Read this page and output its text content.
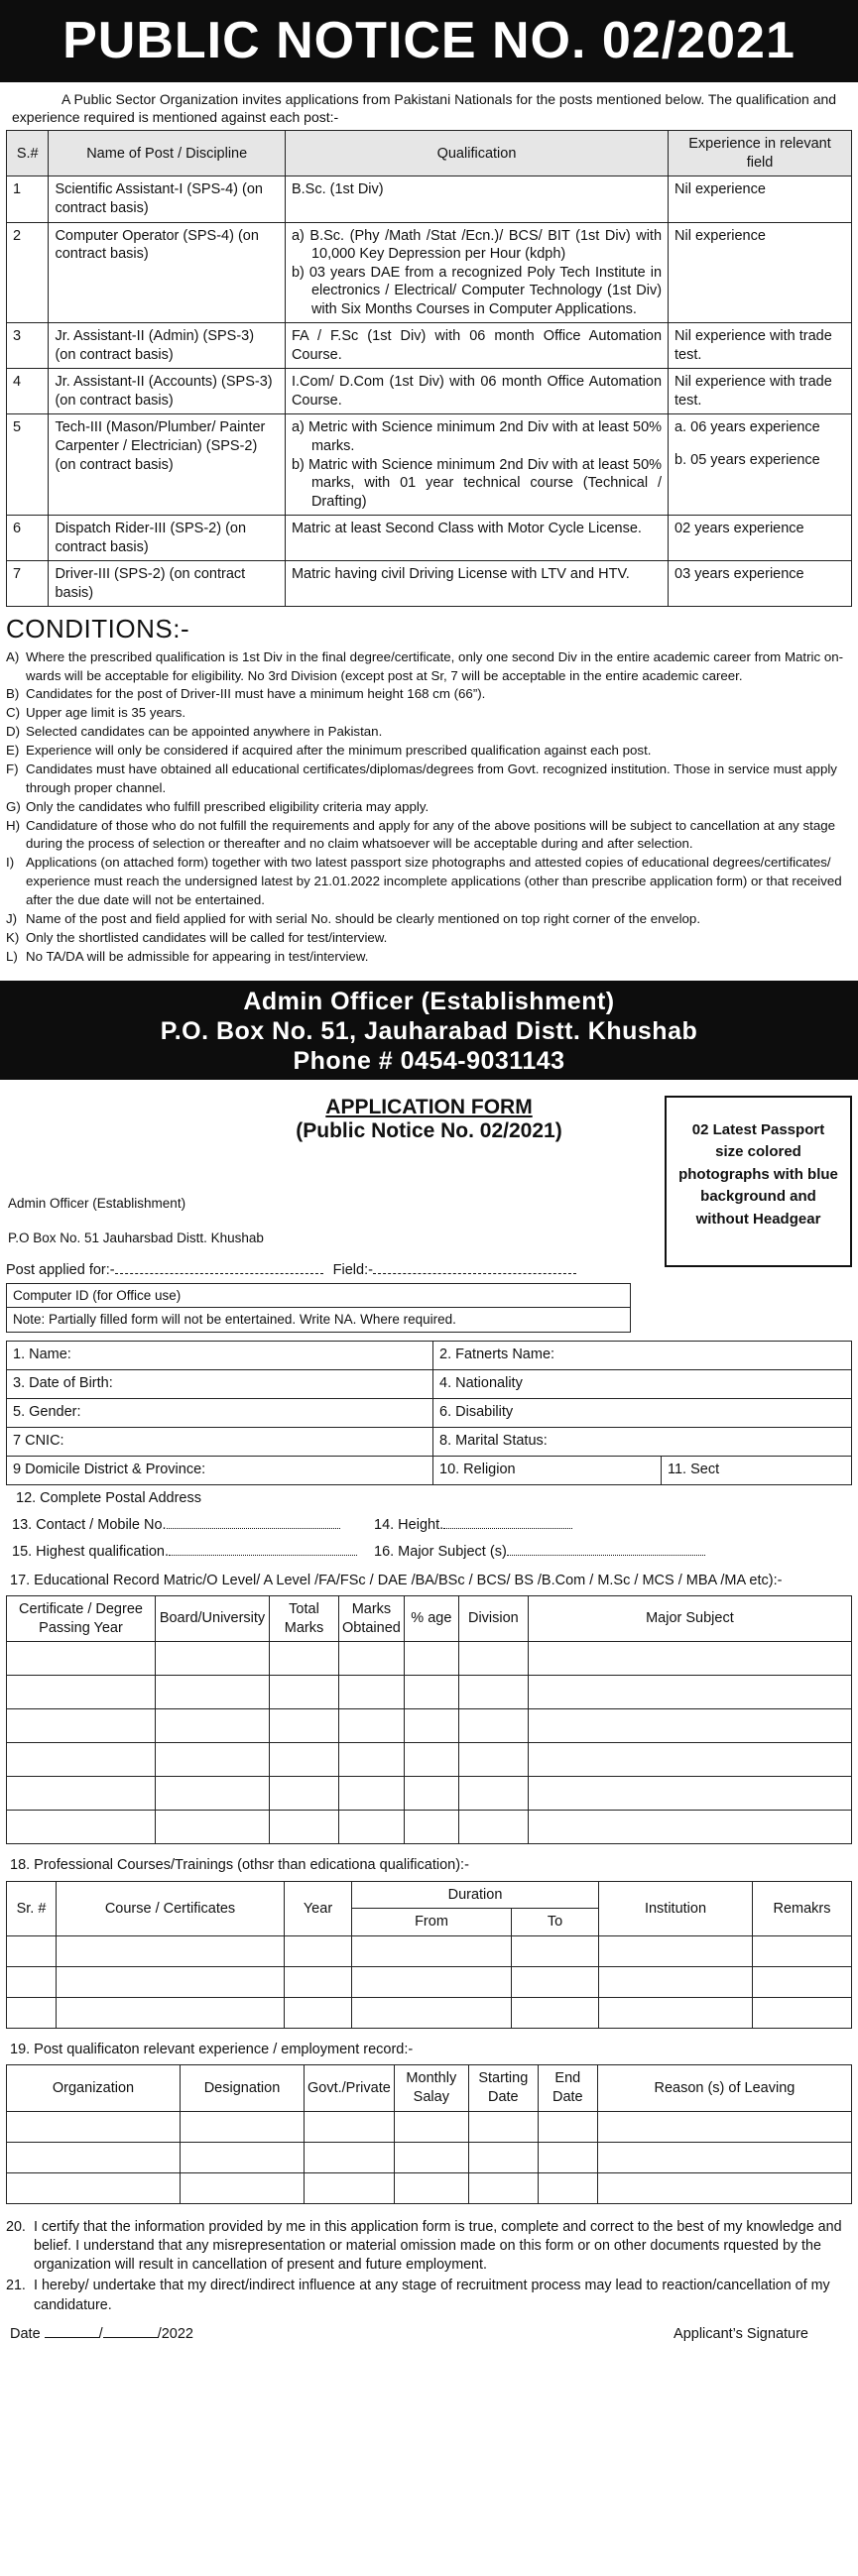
PUBLIC NOTICE NO. 02/2021

A Public Sector Organization invites applications from Pakistani Nationals for the posts mentioned below. The qualification and experience required is mentioned against each post:-

S.#	Name of Post / Discipline	Qualification	Experience in relevant field
1	Scientific Assistant-I (SPS-4) (on contract basis)	B.Sc. (1st Div)	Nil experience

2	Computer Operator (SPS-4) (on contract basis)	a) B.Sc. (Phy /Math /Stat /Ecn.)/ BCS/ BIT (1st Div) with 10,000 Key Depression per Hour (kdph)
b) 03 years DAE from a recognized Poly Tech Institute in electronics / Electrical/ Computer Technology (1st Div) with Six Months Courses in Computer Applications.	Nil experience

3	Jr. Assistant-II (Admin) (SPS-3) (on contract basis)	FA / F.Sc (1st Div) with 06 month Office Automation Course.	Nil experience with trade test.

4	Jr. Assistant-II (Accounts) (SPS-3) (on contract basis)	I.Com/ D.Com (1st Div) with 06 month Office Automation Course.	Nil experience with trade test.

5	Tech-III (Mason/Plumber/ Painter Carpenter / Electrician) (SPS-2) (on contract basis)	a) Metric with Science minimum 2nd Div with at least 50% marks.
b) Matric with Science minimum 2nd Div with at least 50% marks, with 01 year technical course (Technical / Drafting)	a. 06 years experience
b. 05 years experience

6	Dispatch Rider-III (SPS-2) (on contract basis)	Matric at least Second Class with Motor Cycle License.	02 years experience

7	Driver-III (SPS-2) (on contract basis)	Matric having civil Driving License with LTV and HTV.	03 years experience
CONDITIONS:-
A) Where the prescribed qualification is 1st Div in the final degree/certificate, only one second Div in the entire academic career from Matric on-wards will be acceptable for eligibility. No 3rd Division (except post at Sr, 7 will be acceptable in the entire academic career.
B) Candidates for the post of Driver-III must have a minimum height 168 cm (66”).
C) Upper age limit is 35 years.
D) Selected candidates can be appointed anywhere in Pakistan.
E) Experience will only be considered if acquired after the minimum prescribed qualification against each post.
F) Candidates must have obtained all educational certificates/diplomas/degrees from Govt. recognized institution. Those in service must apply through proper channel.
G) Only the candidates who fulfill prescribed eligibility criteria may apply.
H) Candidature of those who do not fulfill the requirements and apply for any of the above positions will be subject to cancellation at any stage during the process of selection or thereafter and no claim whatsoever will be acceptable during and after selection.
I) Applications (on attached form) together with two latest passport size photographs and attested copies of educational degrees/certificates/ experience must reach the undersigned latest by 21.01.2022 incomplete applications (other than prescribe application form) or that received after the due date will not be entertained.
J) Name of the post and field applied for with serial No. should be clearly mentioned on top right corner of the envelop.
K) Only the shortlisted candidates will be called for test/interview.
L) No TA/DA will be admissible for appearing in test/interview.
Admin Officer (Establishment)
P.O. Box No. 51, Jauharabad Distt. Khushab
Phone # 0454-9031143
APPLICATION FORM
(Public Notice No. 02/2021)
Admin Officer (Establishment)
P.O Box No. 51 Jauharsbad Distt. Khushab
02 Latest Passport size colored photographs with blue background and without Headgear
Post applied for:-	Field:-
Computer ID (for Office use)
Note: Partially filled form will not be entertained. Write NA. Where required.
1. Name:	2. Fatnerts Name:	
3. Date of Birth:	4. Nationality	
5. Gender:	6. Disability	
7 CNIC:	8. Marital Status:	
9 Domicile District & Province:	10. Religion	11. Sect
12. Complete Postal Address	
13. Contact / Mobile No.	14. Height.
15. Highest qualification.	16. Major Subject (s)
17. Educational Record Matric/O Level/ A Level /FA/FSc / DAE /BA/BSc / BCS/ BS /B.Com / M.Sc / MCS / MBA /MA etc):-
Certificate / Degree Passing Year	Board/University	Total Marks	Marks Obtained	% age	Division	Major Subject

18. Professional Courses/Trainings (othsr than edicationa qualification):-
Sr. #	Course / Certificates	Year	Duration		Institution	Remakrs
			From	To		

19. Post qualificaton relevant experience / employment record:-
Organization	Designation	Govt./Private	Monthly Salay	Starting Date	End Date	Reason (s) of Leaving

20. I certify that the information provided by me in this application form is true, complete and correct to the best of my knowledge and belief. I understand that any misrepresentation or material omission made on this form or on other documents rquested by the organization will result in cancellation of present and future employment.

21. I hereby/ undertake that my direct/indirect influence at any stage of recruitment process may lead to reaction/cancellation of my candidature.

Date	/	/2022	Applicant’s Signature
